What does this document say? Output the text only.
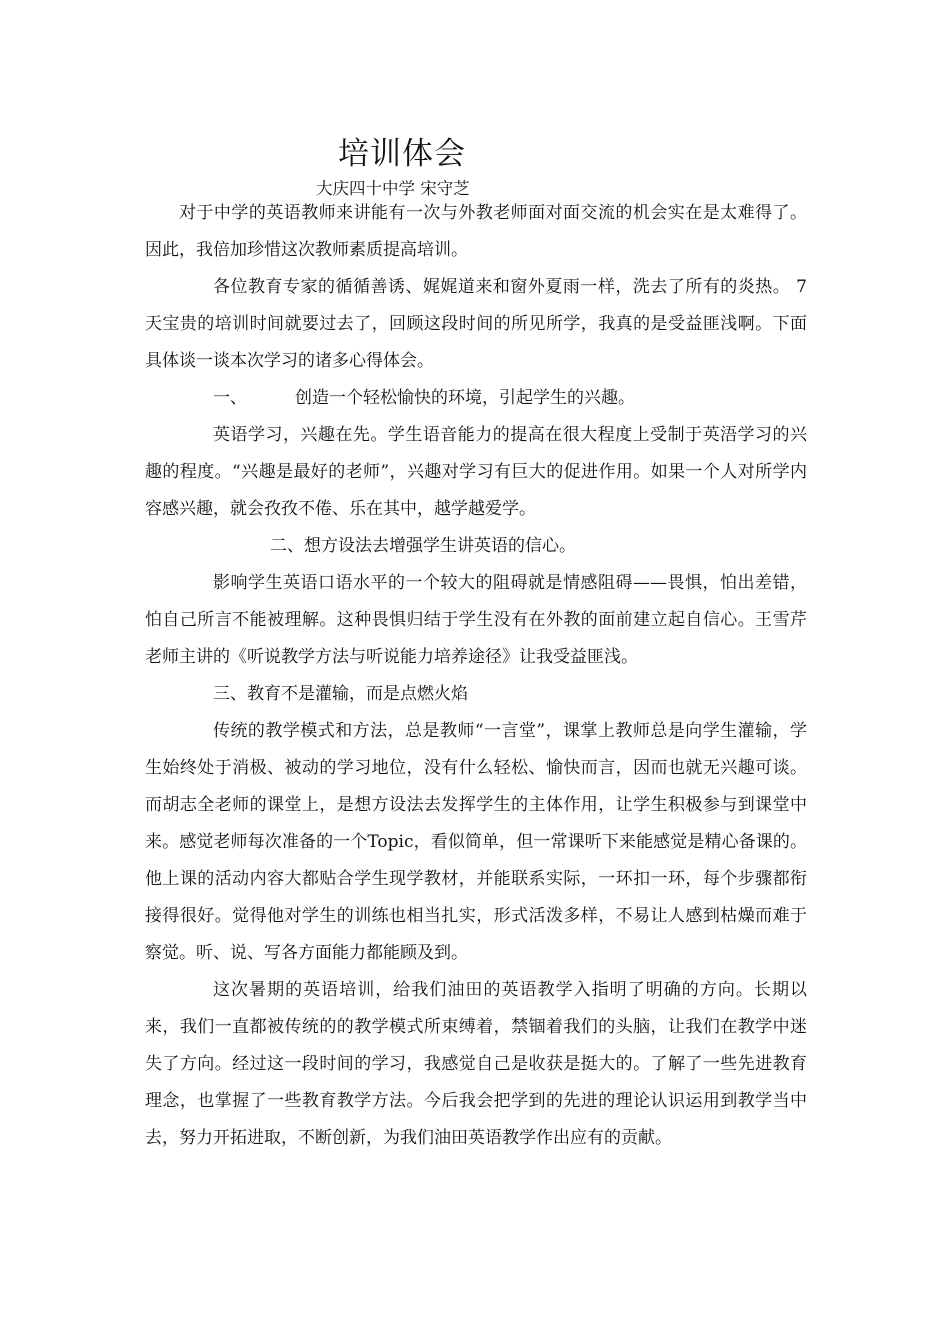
培训体会
大庆四十中学 宋守芝

对于中学的英语教师来讲能有一次与外教老师面对面交流的机会实在是太难得了。因此，我倍加珍惜这次教师素质提高培训。

各位教育专家的循循善诱、娓娓道来和窗外夏雨一样，洗去了所有的炎热。 7天宝贵的培训时间就要过去了，回顾这段时间的所见所学，我真的是受益匪浅啊。下面具体谈一谈本次学习的诸多心得体会。

一、	创造一个轻松愉快的环境，引起学生的兴趣。

英语学习，兴趣在先。学生语音能力的提高在很大程度上受制于英浯学习的兴趣的程度。“兴趣是最好的老师”，兴趣对学习有巨大的促进作用。如果一个人对所学内容感兴趣，就会孜孜不倦、乐在其中，越学越爱学。

二、想方设法去增强学生讲英语的信心。

影响学生英语口语水平的一个较大的阻碍就是情感阻碍——畏惧，怕出差错，怕自己所言不能被理解。这种畏惧归结于学生没有在外教的面前建立起自信心。王雪芹老师主讲的《听说教学方法与听说能力培养途径》让我受益匪浅。

三、教育不是灌输，而是点燃火焰

传统的教学模式和方法，总是教师“一言堂”，课掌上教师总是向学生灌输，学生始终处于消极、被动的学习地位，没有什么轻松、愉快而言，因而也就无兴趣可谈。而胡志全老师的课堂上，是想方设法去发挥学生的主体作用，让学生积极参与到课堂中来。感觉老师每次准备的一个Topic，看似简单，但一常课听下来能感觉是精心备课的。他上课的活动内容大都贴合学生现学教材，并能联系实际，一环扣一环，每个步骤都衔接得很好。觉得他对学生的训练也相当扎实，形式活泼多样，不易让人感到枯燥而难于察觉。听、说、写各方面能力都能顾及到。

这次暑期的英语培训，给我们油田的英语教学入指明了明确的方向。长期以来，我们一直都被传统的的教学模式所束缚着，禁锢着我们的头脑，让我们在教学中迷失了方向。经过这一段时间的学习，我感觉自己是收获是挺大的。了解了一些先进教育理念，也掌握了一些教育教学方法。今后我会把学到的先进的理论认识运用到教学当中去，努力开拓进取，不断创新，为我们油田英语教学作出应有的贡献。
